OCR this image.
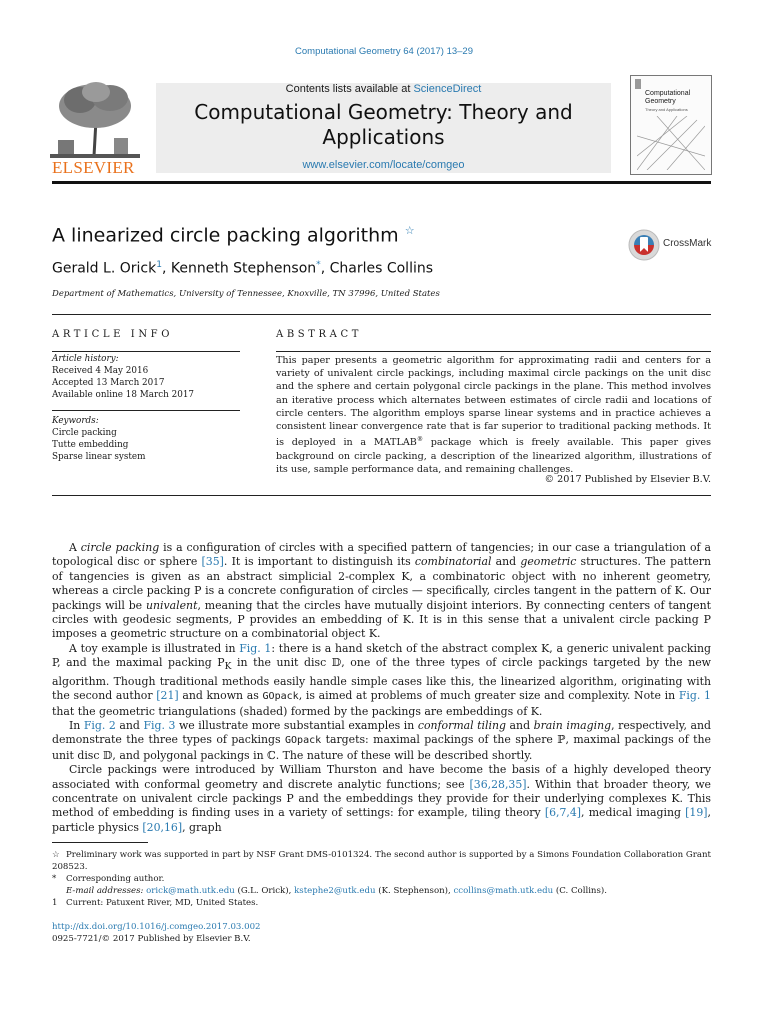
Computational Geometry 64 (2017) 13–29
ELSEVIER
Contents lists available at ScienceDirect
Computational Geometry: Theory and Applications
www.elsevier.com/locate/comgeo
Computational
Geometry
Theory and Applications
A linearized circle packing algorithm ☆
CrossMark
Gerald L. Orick$^1$, Kenneth Stephenson*, Charles Collins
Department of Mathematics, University of Tennessee, Knoxville, TN 37996, United States
ARTICLE INFO	ABSTRACT
Article history:
Received 4 May 2016
Accepted 13 March 2017
Available online 18 March 2017
Keywords:
Circle packing
Tutte embedding
Sparse linear system
This paper presents a geometric algorithm for approximating radii and centers for a variety of univalent circle packings, including maximal circle packings on the unit disc and the sphere and certain polygonal circle packings in the plane. This method involves an iterative process which alternates between estimates of circle radii and locations of circle centers. The algorithm employs sparse linear systems and in practice achieves a consistent linear convergence rate that is far superior to traditional packing methods. It is deployed in a MATLAB® package which is freely available. This paper gives background on circle packing, a description of the linearized algorithm, illustrations of its use, sample performance data, and remaining challenges.
© 2017 Published by Elsevier B.V.

A circle packing is a configuration of circles with a specified pattern of tangencies; in our case a triangulation of a topological disc or sphere [35]. It is important to distinguish its combinatorial and geometric structures. The pattern of tangencies is given as an abstract simplicial 2-complex K, a combinatoric object with no inherent geometry, whereas a circle packing P is a concrete configuration of circles — specifically, circles tangent in the pattern of K. Our packings will be univalent, meaning that the circles have mutually disjoint interiors. By connecting centers of tangent circles with geodesic segments, P provides an embedding of K. It is in this sense that a univalent circle packing P imposes a geometric structure on a combinatorial object K.

A toy example is illustrated in Fig. 1: there is a hand sketch of the abstract complex K, a generic univalent packing P, and the maximal packing $P_K$ in the unit disc 𝔻, one of the three types of circle packings targeted by the new algorithm. Though traditional methods easily handle simple cases like this, the linearized algorithm, originating with the second author [21] and known as GOpack, is aimed at problems of much greater size and complexity. Note in Fig. 1 that the geometric triangulations (shaded) formed by the packings are embeddings of K.

In Fig. 2 and Fig. 3 we illustrate more substantial examples in conformal tiling and brain imaging, respectively, and demonstrate the three types of packings GOpack targets: maximal packings of the sphere ℙ, maximal packings of the unit disc 𝔻, and polygonal packings in ℂ. The nature of these will be described shortly.

Circle packings were introduced by William Thurston and have become the basis of a highly developed theory associated with conformal geometry and discrete analytic functions; see [36,28,35]. Within that broader theory, we concentrate on univalent circle packings P and the embeddings they provide for their underlying complexes K. This method of embedding is finding uses in a variety of settings: for example, tiling theory [6,7,4], medical imaging [19], particle physics [20,16], graph

☆ Preliminary work was supported in part by NSF Grant DMS-0101324. The second author is supported by a Simons Foundation Collaboration Grant 208523.

* Corresponding author.

E-mail addresses: orick@math.utk.edu (G.L. Orick), kstephe2@utk.edu (K. Stephenson), ccollins@math.utk.edu (C. Collins).

1 Current: Patuxent River, MD, United States.

http://dx.doi.org/10.1016/j.comgeo.2017.03.002
0925-7721/© 2017 Published by Elsevier B.V.
